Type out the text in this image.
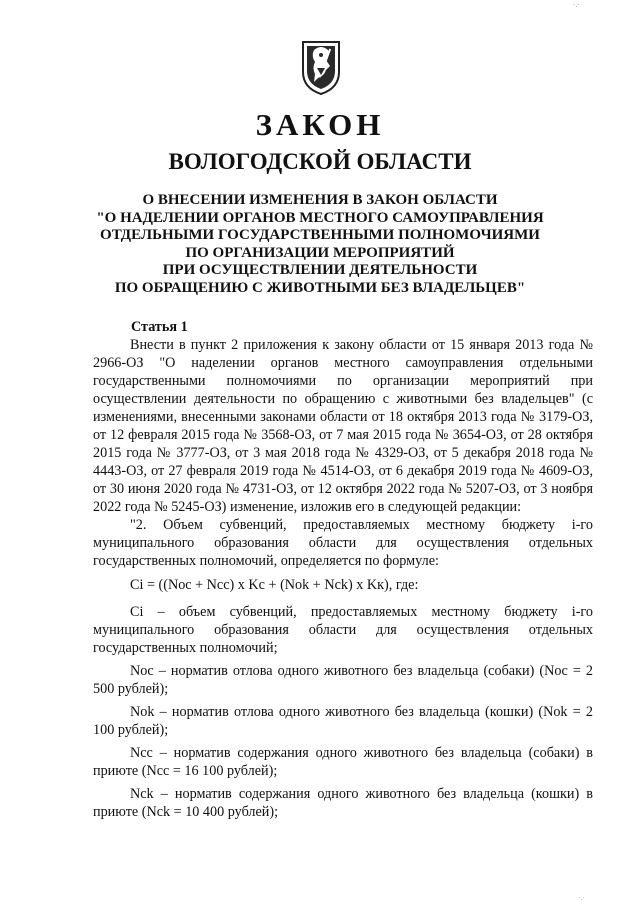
ЗАКОН
ВОЛОГОДСКОЙ ОБЛАСТИ
О ВНЕСЕНИИ ИЗМЕНЕНИЯ В ЗАКОН ОБЛАСТИ
"О НАДЕЛЕНИИ ОРГАНОВ МЕСТНОГО САМОУПРАВЛЕНИЯ
ОТДЕЛЬНЫМИ ГОСУДАРСТВЕННЫМИ ПОЛНОМОЧИЯМИ
ПО ОРГАНИЗАЦИИ МЕРОПРИЯТИЙ
ПРИ ОСУЩЕСТВЛЕНИИ ДЕЯТЕЛЬНОСТИ
ПО ОБРАЩЕНИЮ С ЖИВОТНЫМИ БЕЗ ВЛАДЕЛЬЦЕВ"
Статья 1

Внести в пункт 2 приложения к закону области от 15 января 2013 года № 2966-ОЗ "О наделении органов местного самоуправления отдельными государственными полномочиями по организации мероприятий при осуществлении деятельности по обращению с животными без владельцев" (с изменениями, внесенными законами области от 18 октября 2013 года № 3179-ОЗ, от 12 февраля 2015 года № 3568-ОЗ, от 7 мая 2015 года № 3654-ОЗ, от 28 октября 2015 года № 3777-ОЗ, от 3 мая 2018 года № 4329-ОЗ, от 5 декабря 2018 года № 4443-ОЗ, от 27 февраля 2019 года № 4514-ОЗ, от 6 декабря 2019 года № 4609-ОЗ, от 30 июня 2020 года № 4731-ОЗ, от 12 октября 2022 года № 5207-ОЗ, от 3 ноября 2022 года № 5245-ОЗ) изменение, изложив его в следующей редакции:

"2. Объем субвенций, предоставляемых местному бюджету i-го муниципального образования области для осуществления отдельных государственных полномочий, определяется по формуле:

Ci = ((Noc + Ncc) x Kc + (Nok + Nck) x Kк), где:

Ci – объем субвенций, предоставляемых местному бюджету i-го муниципального образования области для осуществления отдельных государственных полномочий;

Noc – норматив отлова одного животного без владельца (собаки) (Noc = 2 500 рублей);

Nok – норматив отлова одного животного без владельца (кошки) (Nok = 2 100 рублей);

Ncc – норматив содержания одного животного без владельца (собаки) в приюте (Ncc = 16 100 рублей);

Nck – норматив содержания одного животного без владельца (кошки) в приюте (Nck = 10 400 рублей);

·.·
·.·
